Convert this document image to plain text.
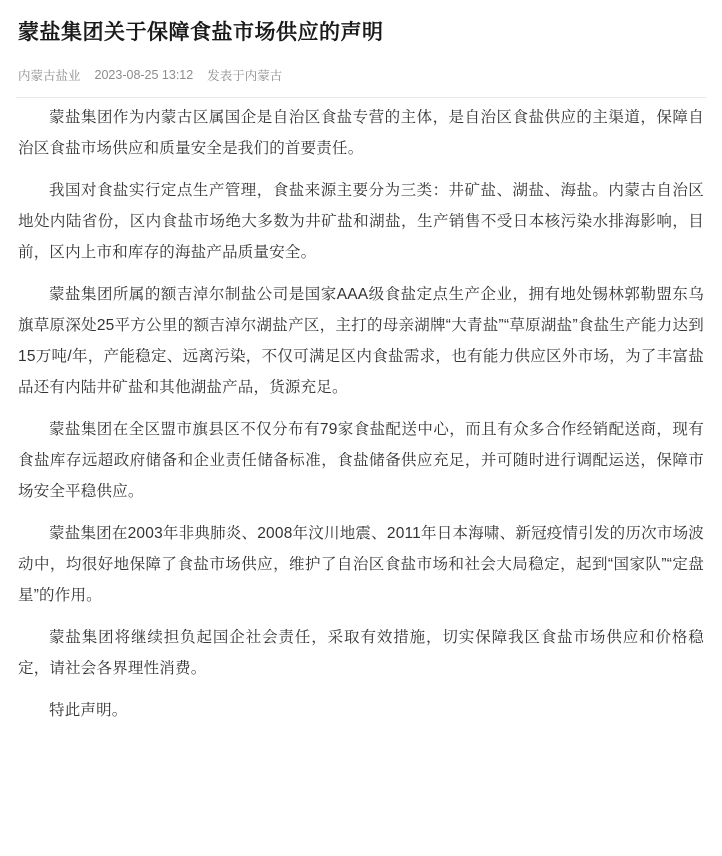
蒙盐集团关于保障食盐市场供应的声明
内蒙古盐业 2023-08-25 13:12 发表于内蒙古

蒙盐集团作为内蒙古区属国企是自治区食盐专营的主体，是自治区食盐供应的主渠道，保障自治区食盐市场供应和质量安全是我们的首要责任。

我国对食盐实行定点生产管理，食盐来源主要分为三类：井矿盐、湖盐、海盐。内蒙古自治区地处内陆省份，区内食盐市场绝大多数为井矿盐和湖盐，生产销售不受日本核污染水排海影响，目前，区内上市和库存的海盐产品质量安全。

蒙盐集团所属的额吉淖尔制盐公司是国家AAA级食盐定点生产企业，拥有地处锡林郭勒盟东乌旗草原深处25平方公里的额吉淖尔湖盐产区，主打的母亲湖牌“大青盐”“草原湖盐”食盐生产能力达到15万吨/年，产能稳定、远离污染，不仅可满足区内食盐需求，也有能力供应区外市场，为了丰富盐品还有内陆井矿盐和其他湖盐产品，货源充足。

蒙盐集团在全区盟市旗县区不仅分布有79家食盐配送中心，而且有众多合作经销配送商，现有食盐库存远超政府储备和企业责任储备标准，食盐储备供应充足，并可随时进行调配运送，保障市场安全平稳供应。

蒙盐集团在2003年非典肺炎、2008年汶川地震、2011年日本海啸、新冠疫情引发的历次市场波动中，均很好地保障了食盐市场供应，维护了自治区食盐市场和社会大局稳定，起到“国家队”“定盘星”的作用。

蒙盐集团将继续担负起国企社会责任，采取有效措施，切实保障我区食盐市场供应和价格稳定，请社会各界理性消费。

特此声明。
